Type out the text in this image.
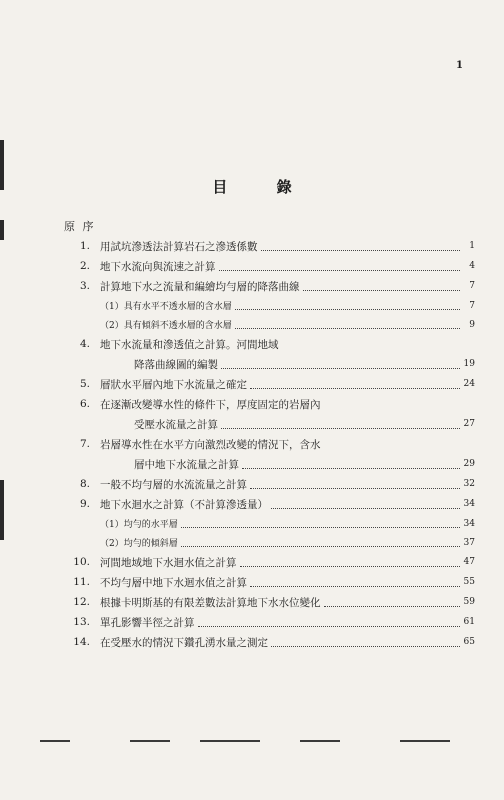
1
目 錄
原 序
1. 用試坑滲透法計算岩石之滲透係數	1
2. 地下水流向與流速之計算	4
3. 計算地下水之流量和編繪均勻層的降落曲線	7
（1）具有水平不透水層的含水層	7
（2）具有傾斜不透水層的含水層	9
4. 地下水流量和滲透值之計算。河間地域
降落曲線圖的編製	19
5. 層狀水平層內地下水流量之確定	24
6. 在逐漸改變導水性的條件下，厚度固定的岩層內
受壓水流量之計算	27
7. 岩層導水性在水平方向激烈改變的情況下，含水
層中地下水流量之計算	29
8. 一般不均勻層的水流流量之計算	32
9. 地下水迴水之計算（不計算滲透量）	34
（1）均勻的水平層	34
（2）均勻的傾斜層	37
10. 河間地域地下水迴水值之計算	47
11. 不均勻層中地下水迴水值之計算	55
12. 根據卡明斯基的有限差數法計算地下水水位變化	59
13. 單孔影響半徑之計算	61
14. 在受壓水的情況下鑽孔湧水量之測定	65
